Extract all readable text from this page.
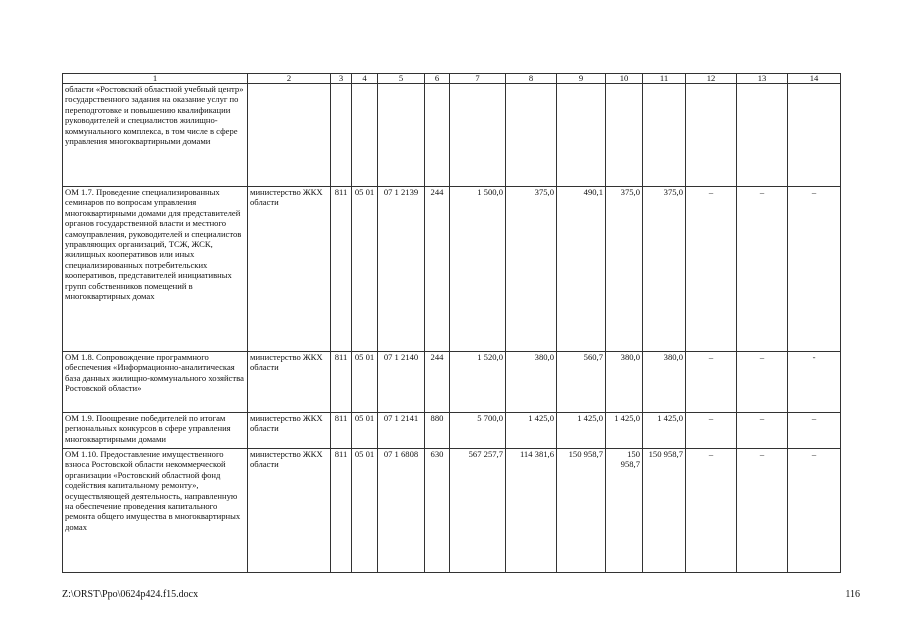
1	2	3	4	5	6	7	8	9	10	11	12	13	14
области «Ростовский областной учебный центр» государственного задания на оказание услуг по переподготовке и повышению квалификации руководителей и специалистов жилищно-коммунального комплекса, в том числе в сфере управления многоквартирными домами													
ОМ 1.7. Проведение специализированных семинаров по вопросам управления многоквартирными домами для представителей органов государственной власти и местного самоуправления, руководителей и специалистов управляющих организаций, ТСЖ, ЖСК, жилищных кооперативов или иных специализированных потребительских кооперативов, представителей инициативных групп собственников помещений в многоквартирных домах	министерство ЖКХ области	811	05 01	07 1 2139	244	1 500,0	375,0	490,1	375,0	375,0	–	–	–
ОМ 1.8. Сопровождение программного обеспечения «Информационно-аналитическая база данных жилищно-коммунального хозяйства Ростовской области»	министерство ЖКХ области	811	05 01	07 1 2140	244	1 520,0	380,0	560,7	380,0	380,0	–	–	-
ОМ 1.9. Поощрение победителей по итогам региональных конкурсов в сфере управления многоквартирными домами	министерство ЖКХ области	811	05 01	07 1 2141	880	5 700,0	1 425,0	1 425,0	1 425,0	1 425,0	–	–	–
ОМ 1.10. Предоставление имущественного взноса Ростовской области некоммерческой организации «Ростовский областной фонд содействия капитальному ремонту», осуществляющей деятельность, направленную на обеспечение проведения капитального ремонта общего имущества в многоквартирных домах	министерство ЖКХ области	811	05 01	07 1 6808	630	567 257,7	114 381,6	150 958,7	150 958,7	150 958,7	–	–	–
Z:\ORST\Ppo\0624p424.f15.docx	116
